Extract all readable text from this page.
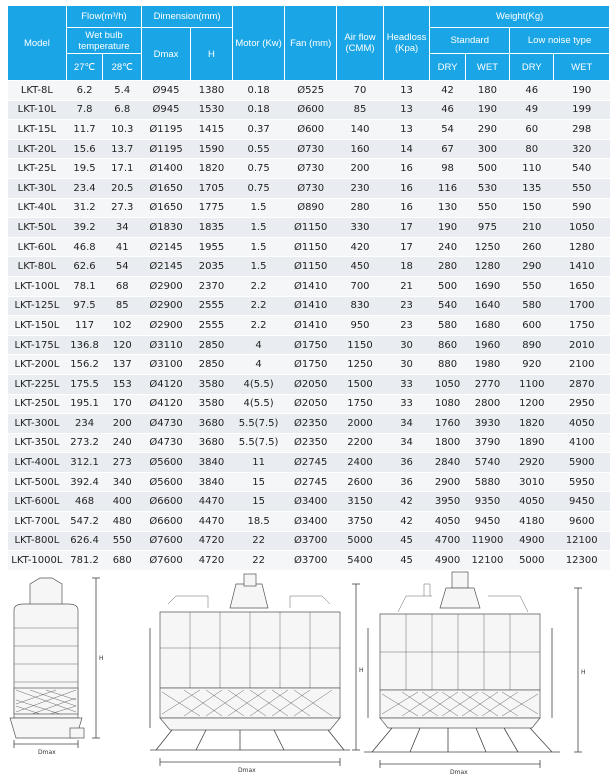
Model	Flow(m³/h)		Dimension(mm)		Motor (Kw)	Fan (mm)	Air flow (CMM)	Headloss (Kpa)	Weight(Kg)			
	Wet bulb temperature		Dmax	H					Standard		Low noise type	
	27℃	28℃							DRY	WET	DRY	WET
LKT-8L	6.2	5.4	Ø945	1380	0.18	Ø525	70	13	42	180	46	190
LKT-10L	7.8	6.8	Ø945	1530	0.18	Ø600	85	13	46	190	49	199
LKT-15L	11.7	10.3	Ø1195	1415	0.37	Ø600	140	13	54	290	60	298
LKT-20L	15.6	13.7	Ø1195	1590	0.55	Ø730	160	14	67	300	80	320
LKT-25L	19.5	17.1	Ø1400	1820	0.75	Ø730	200	16	98	500	110	540
LKT-30L	23.4	20.5	Ø1650	1705	0.75	Ø730	230	16	116	530	135	550
LKT-40L	31.2	27.3	Ø1650	1775	1.5	Ø890	280	16	130	550	150	590
LKT-50L	39.2	34	Ø1830	1835	1.5	Ø1150	330	17	190	975	210	1050
LKT-60L	46.8	41	Ø2145	1955	1.5	Ø1150	420	17	240	1250	260	1280
LKT-80L	62.6	54	Ø2145	2035	1.5	Ø1150	450	18	280	1280	290	1410
LKT-100L	78.1	68	Ø2900	2370	2.2	Ø1410	700	21	500	1690	550	1650
LKT-125L	97.5	85	Ø2900	2555	2.2	Ø1410	830	23	540	1640	580	1700
LKT-150L	117	102	Ø2900	2555	2.2	Ø1410	950	23	580	1680	600	1750
LKT-175L	136.8	120	Ø3110	2850	4	Ø1750	1150	30	860	1960	890	2010
LKT-200L	156.2	137	Ø3100	2850	4	Ø1750	1250	30	880	1980	920	2100
LKT-225L	175.5	153	Ø4120	3580	4(5.5)	Ø2050	1500	33	1050	2770	1100	2870
LKT-250L	195.1	170	Ø4120	3580	4(5.5)	Ø2050	1750	33	1080	2800	1200	2950
LKT-300L	234	200	Ø4730	3680	5.5(7.5)	Ø2350	2000	34	1760	3930	1820	4050
LKT-350L	273.2	240	Ø4730	3680	5.5(7.5)	Ø2350	2200	34	1800	3790	1890	4100
LKT-400L	312.1	273	Ø5600	3840	11	Ø2745	2400	36	2840	5740	2920	5900
LKT-500L	392.4	340	Ø5600	3840	15	Ø2745	2600	36	2900	5880	3010	5950
LKT-600L	468	400	Ø6600	4470	15	Ø3400	3150	42	3950	9350	4050	9450
LKT-700L	547.2	480	Ø6600	4470	18.5	Ø3400	3750	42	4050	9450	4180	9600
LKT-800L	626.4	550	Ø7600	4720	22	Ø3700	5000	45	4700	11900	4900	12100
LKT-1000L	781.2	680	Ø7600	4720	22	Ø3700	5400	45	4900	12100	5000	12300
H
Dmax
H
Dmax
H
Dmax
